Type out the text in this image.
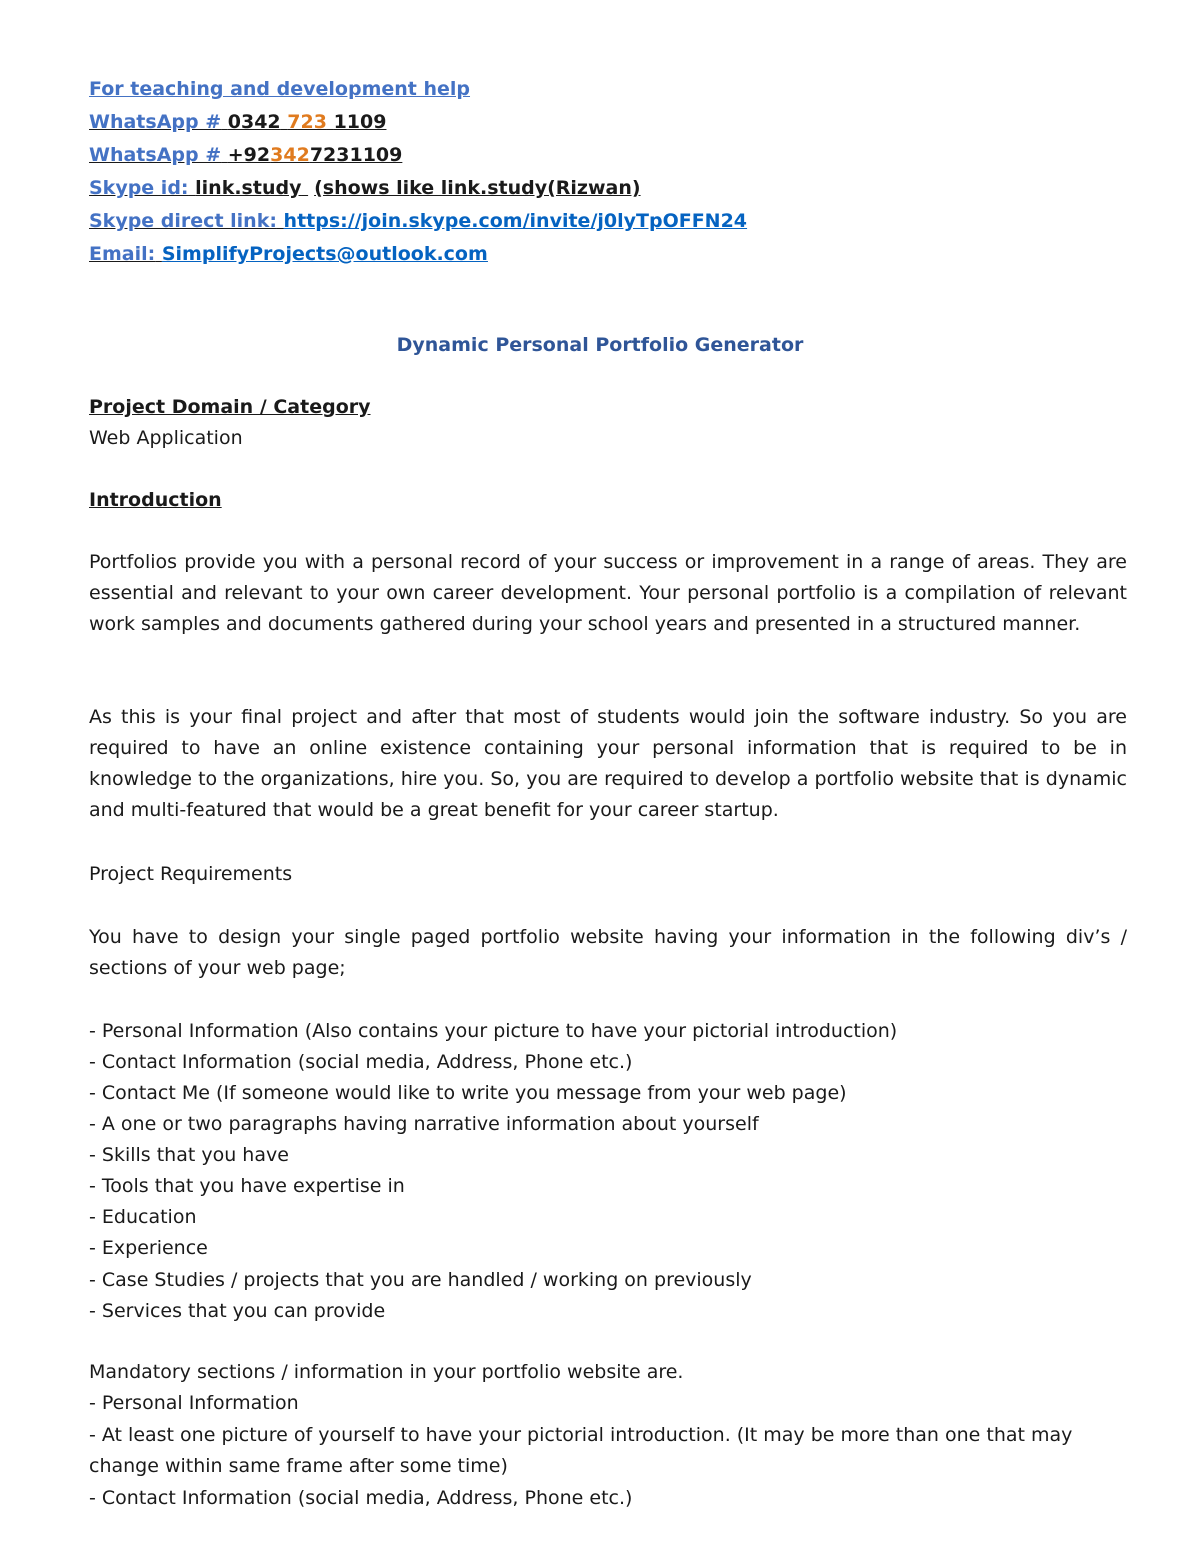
For teaching and development help
WhatsApp # 0342 723 1109
WhatsApp # +923427231109
Skype id: link.study (shows like link.study(Rizwan)
Skype direct link: https://join.skype.com/invite/j0lyTpOFFN24
Email: SimplifyProjects@outlook.com
Dynamic Personal Portfolio Generator
Project Domain / Category
Web Application
Introduction
Portfolios provide you with a personal record of your success or improvement in a range of areas. They are essential and relevant to your own career development. Your personal portfolio is a compilation of relevant work samples and documents gathered during your school years and presented in a structured manner.
As this is your final project and after that most of students would join the software industry. So you are required to have an online existence containing your personal information that is required to be in knowledge to the organizations, hire you. So, you are required to develop a portfolio website that is dynamic and multi-featured that would be a great benefit for your career startup.
Project Requirements
You have to design your single paged portfolio website having your information in the following div’s / sections of your web page;
- Personal Information (Also contains your picture to have your pictorial introduction)
- Contact Information (social media, Address, Phone etc.)
- Contact Me (If someone would like to write you message from your web page)
- A one or two paragraphs having narrative information about yourself
- Skills that you have
- Tools that you have expertise in
- Education
- Experience
- Case Studies / projects that you are handled / working on previously
- Services that you can provide
Mandatory sections / information in your portfolio website are.
- Personal Information
- At least one picture of yourself to have your pictorial introduction. (It may be more than one that may change within same frame after some time)
- Contact Information (social media, Address, Phone etc.)
